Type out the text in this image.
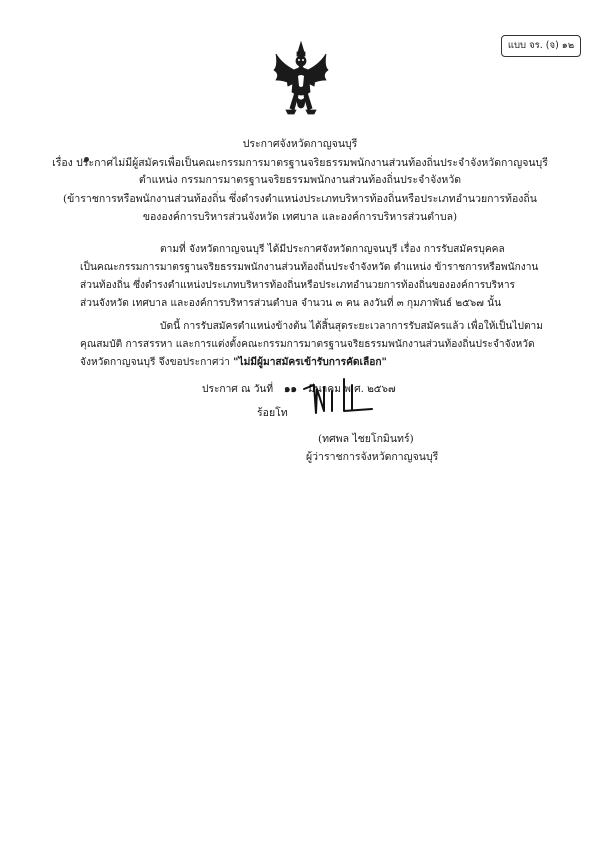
แบบ จร. (จ) ๑๒
ประกาศจังหวัดกาญจนบุรี
เรื่อง ประกาศไม่มีผู้สมัครเพื่อเป็นคณะกรรมการมาตรฐานจริยธรรมพนักงานส่วนท้องถิ่นประจำจังหวัดกาญจนบุรี
ตำแหน่ง กรรมการมาตรฐานจริยธรรมพนักงานส่วนท้องถิ่นประจำจังหวัด
(ข้าราชการหรือพนักงานส่วนท้องถิ่น ซึ่งดำรงตำแหน่งประเภทบริหารท้องถิ่นหรือประเภทอำนวยการท้องถิ่น
ขององค์การบริหารส่วนจังหวัด เทศบาล และองค์การบริหารส่วนตำบล)
ตามที่ จังหวัดกาญจนบุรี ได้มีประกาศจังหวัดกาญจนบุรี เรื่อง การรับสมัครบุคคล
เป็นคณะกรรมการมาตรฐานจริยธรรมพนักงานส่วนท้องถิ่นประจำจังหวัด ตำแหน่ง ข้าราชการหรือพนักงาน
ส่วนท้องถิ่น ซึ่งดำรงตำแหน่งประเภทบริหารท้องถิ่นหรือประเภทอำนวยการท้องถิ่นขององค์การบริหาร
ส่วนจังหวัด เทศบาล และองค์การบริหารส่วนตำบล จำนวน ๓ คน ลงวันที่ ๓ กุมภาพันธ์ ๒๕๖๗ นั้น
บัดนี้ การรับสมัครตำแหน่งข้างต้น ได้สิ้นสุดระยะเวลาการรับสมัครแล้ว เพื่อให้เป็นไปตาม
คุณสมบัติ การสรรหา และการแต่งตั้งคณะกรรมการมาตรฐานจริยธรรมพนักงานส่วนท้องถิ่นประจำจังหวัด
จังหวัดกาญจนบุรี จึงขอประกาศว่า "ไม่มีผู้มาสมัครเข้ารับการคัดเลือก"
ประกาศ ณ วันที่ ๑๑ มีนาคม พ.ศ. ๒๕๖๗
ร้อยโท
(ทศพล ไชยโกมินทร์)
ผู้ว่าราชการจังหวัดกาญจนบุรี
